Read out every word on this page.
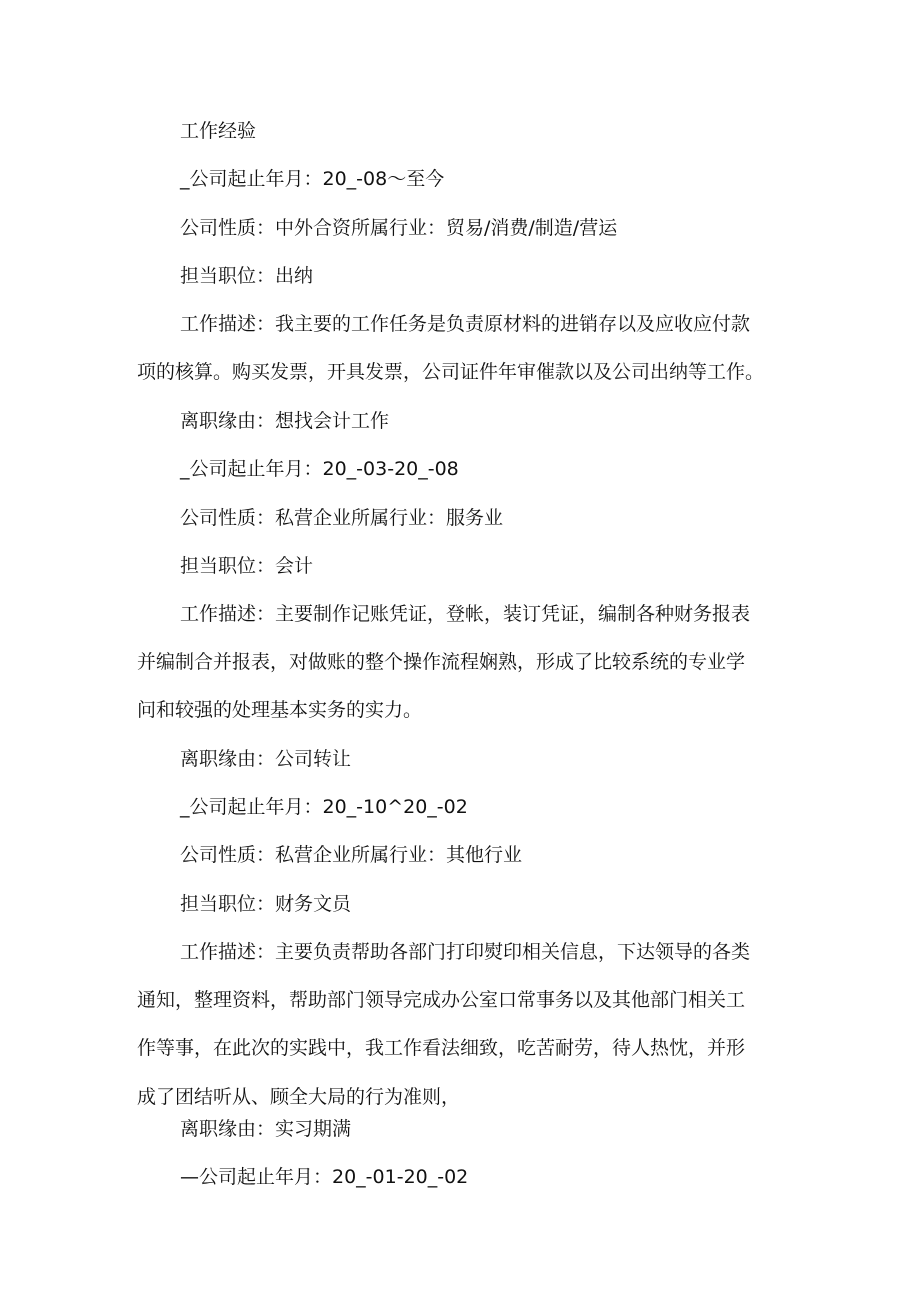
工作经验
_公司起止年月：20_-08～至今
公司性质：中外合资所属行业：贸易/消费/制造/营运
担当职位：出纳
工作描述：我主要的工作任务是负责原材料的进销存以及应收应付款
项的核算。购买发票，开具发票，公司证件年审催款以及公司出纳等工作。
离职缘由：想找会计工作
_公司起止年月：20_-03-20_-08
公司性质：私营企业所属行业：服务业
担当职位：会计
工作描述：主要制作记账凭证，登帐，装订凭证，编制各种财务报表
并编制合并报表，对做账的整个操作流程娴熟，形成了比较系统的专业学
问和较强的处理基本实务的实力。
离职缘由：公司转让
_公司起止年月：20_-10^20_-02
公司性质：私营企业所属行业：其他行业
担当职位：财务文员
工作描述：主要负责帮助各部门打印熨印相关信息，下达领导的各类
通知，整理资料，帮助部门领导完成办公室口常事务以及其他部门相关工
作等事，在此次的实践中，我工作看法细致，吃苦耐劳，待人热忱，并形
成了团结听从、顾全大局的行为准则，
离职缘由：实习期满
—公司起止年月：20_-01-20_-02
